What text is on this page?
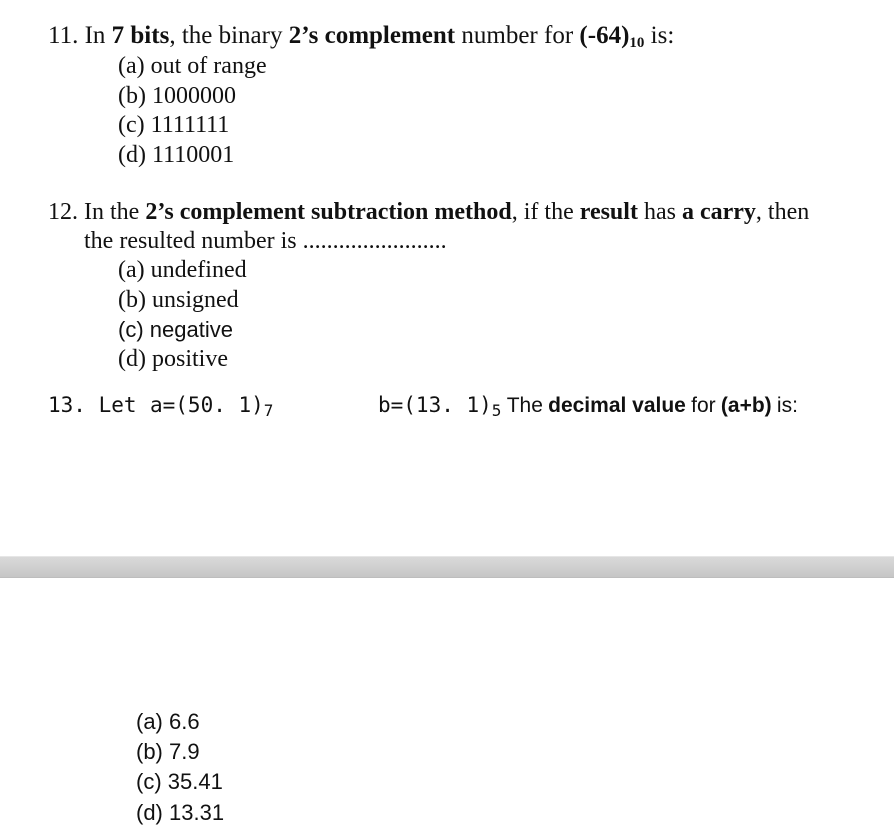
11. In 7 bits, the binary 2’s complement number for $(-64)_{10}$ is:
(a) out of range
(b) 1000000
(c) 1111111
(d) 1110001
12. In the 2’s complement subtraction method, if the result has a carry, then
the resulted number is ........................
(a) undefined
(b) unsigned
(c) negative
(d) positive
13. Let a=(50. 1)7	b=(13. 1)5 The decimal value for (a+b) is:
(a) 6.6
(b) 7.9
(c) 35.41
(d) 13.31
